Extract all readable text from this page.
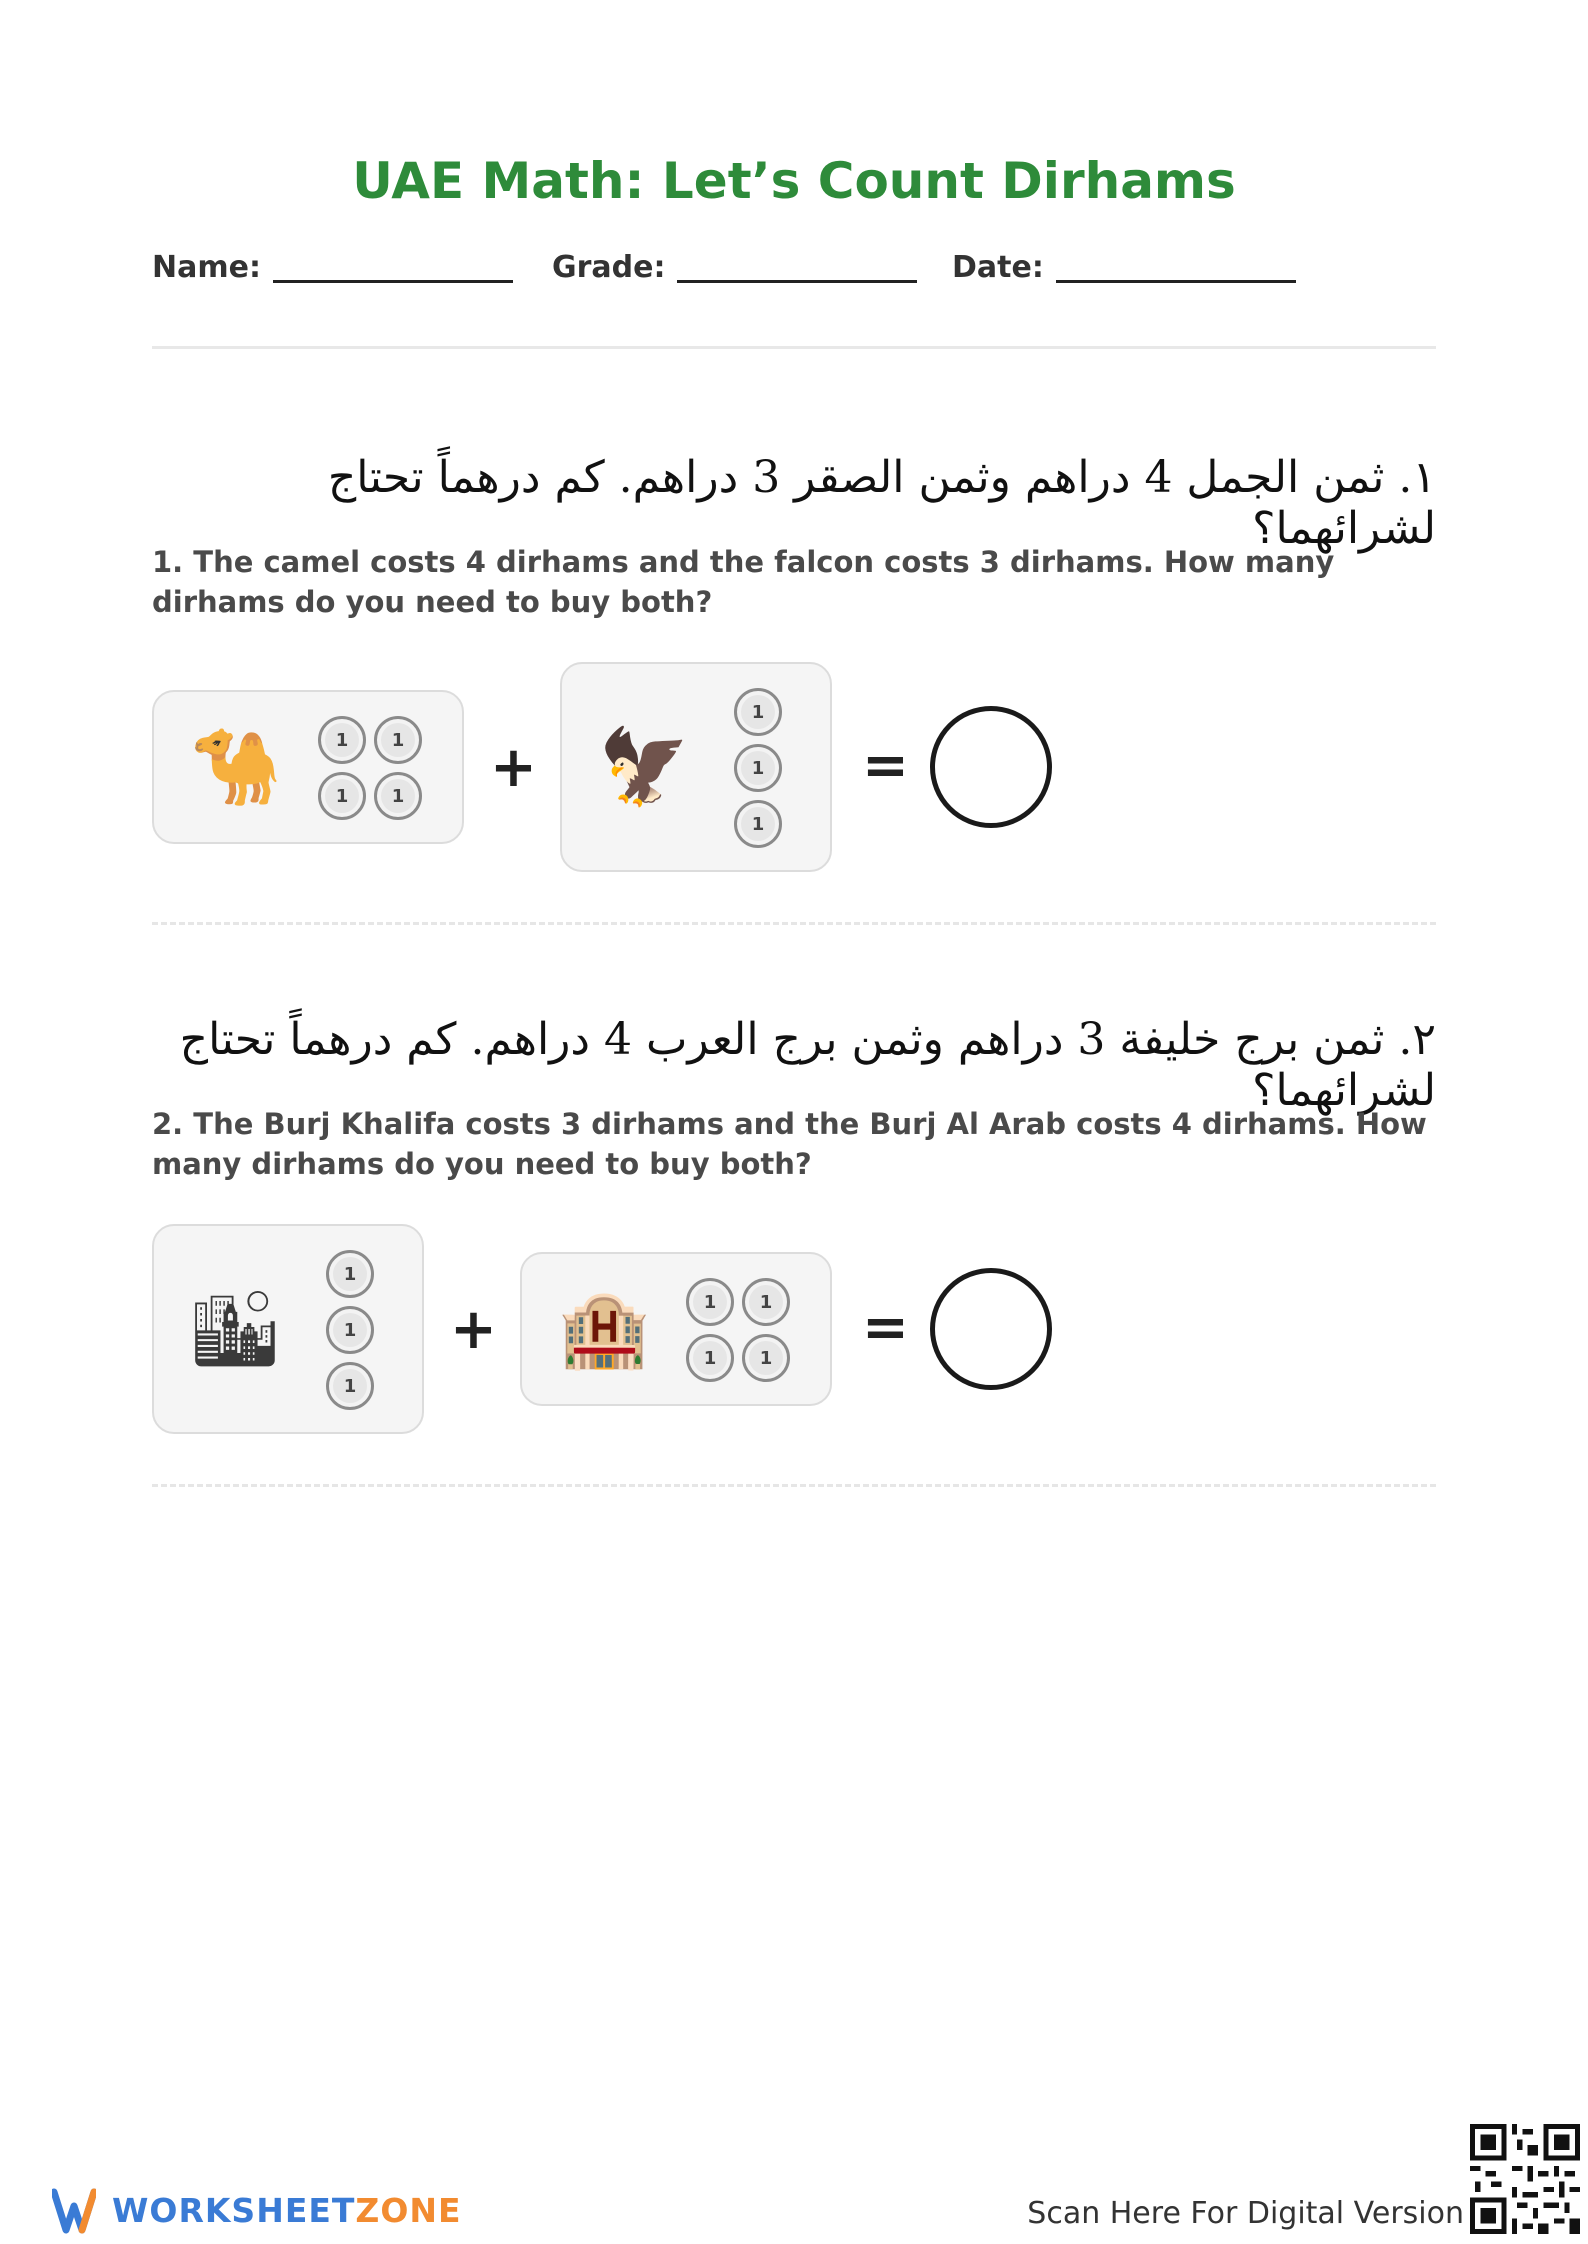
UAE Math: Let’s Count Dirhams
Name:	Grade:	Date:
١. ثمن الجمل 4 دراهم وثمن الصقر 3 دراهم. كم درهماً تحتاج لشرائهما؟
1. The camel costs 4 dirhams and the falcon costs 3 dirhams. How many dirhams do you need to buy both?
🐪	1	1
1	1	+ 🦅
1
1
1
=
٢. ثمن برج خليفة 3 دراهم وثمن برج العرب 4 دراهم. كم درهماً تحتاج لشرائهما؟
2. The Burj Khalifa costs 3 dirhams and the Burj Al Arab costs 4 dirhams. How many dirhams do you need to buy both?
🏙
1
1
1
+ 🏨	1	1
1	1	=
WORKSHEETZONE	Scan Here For Digital Version
